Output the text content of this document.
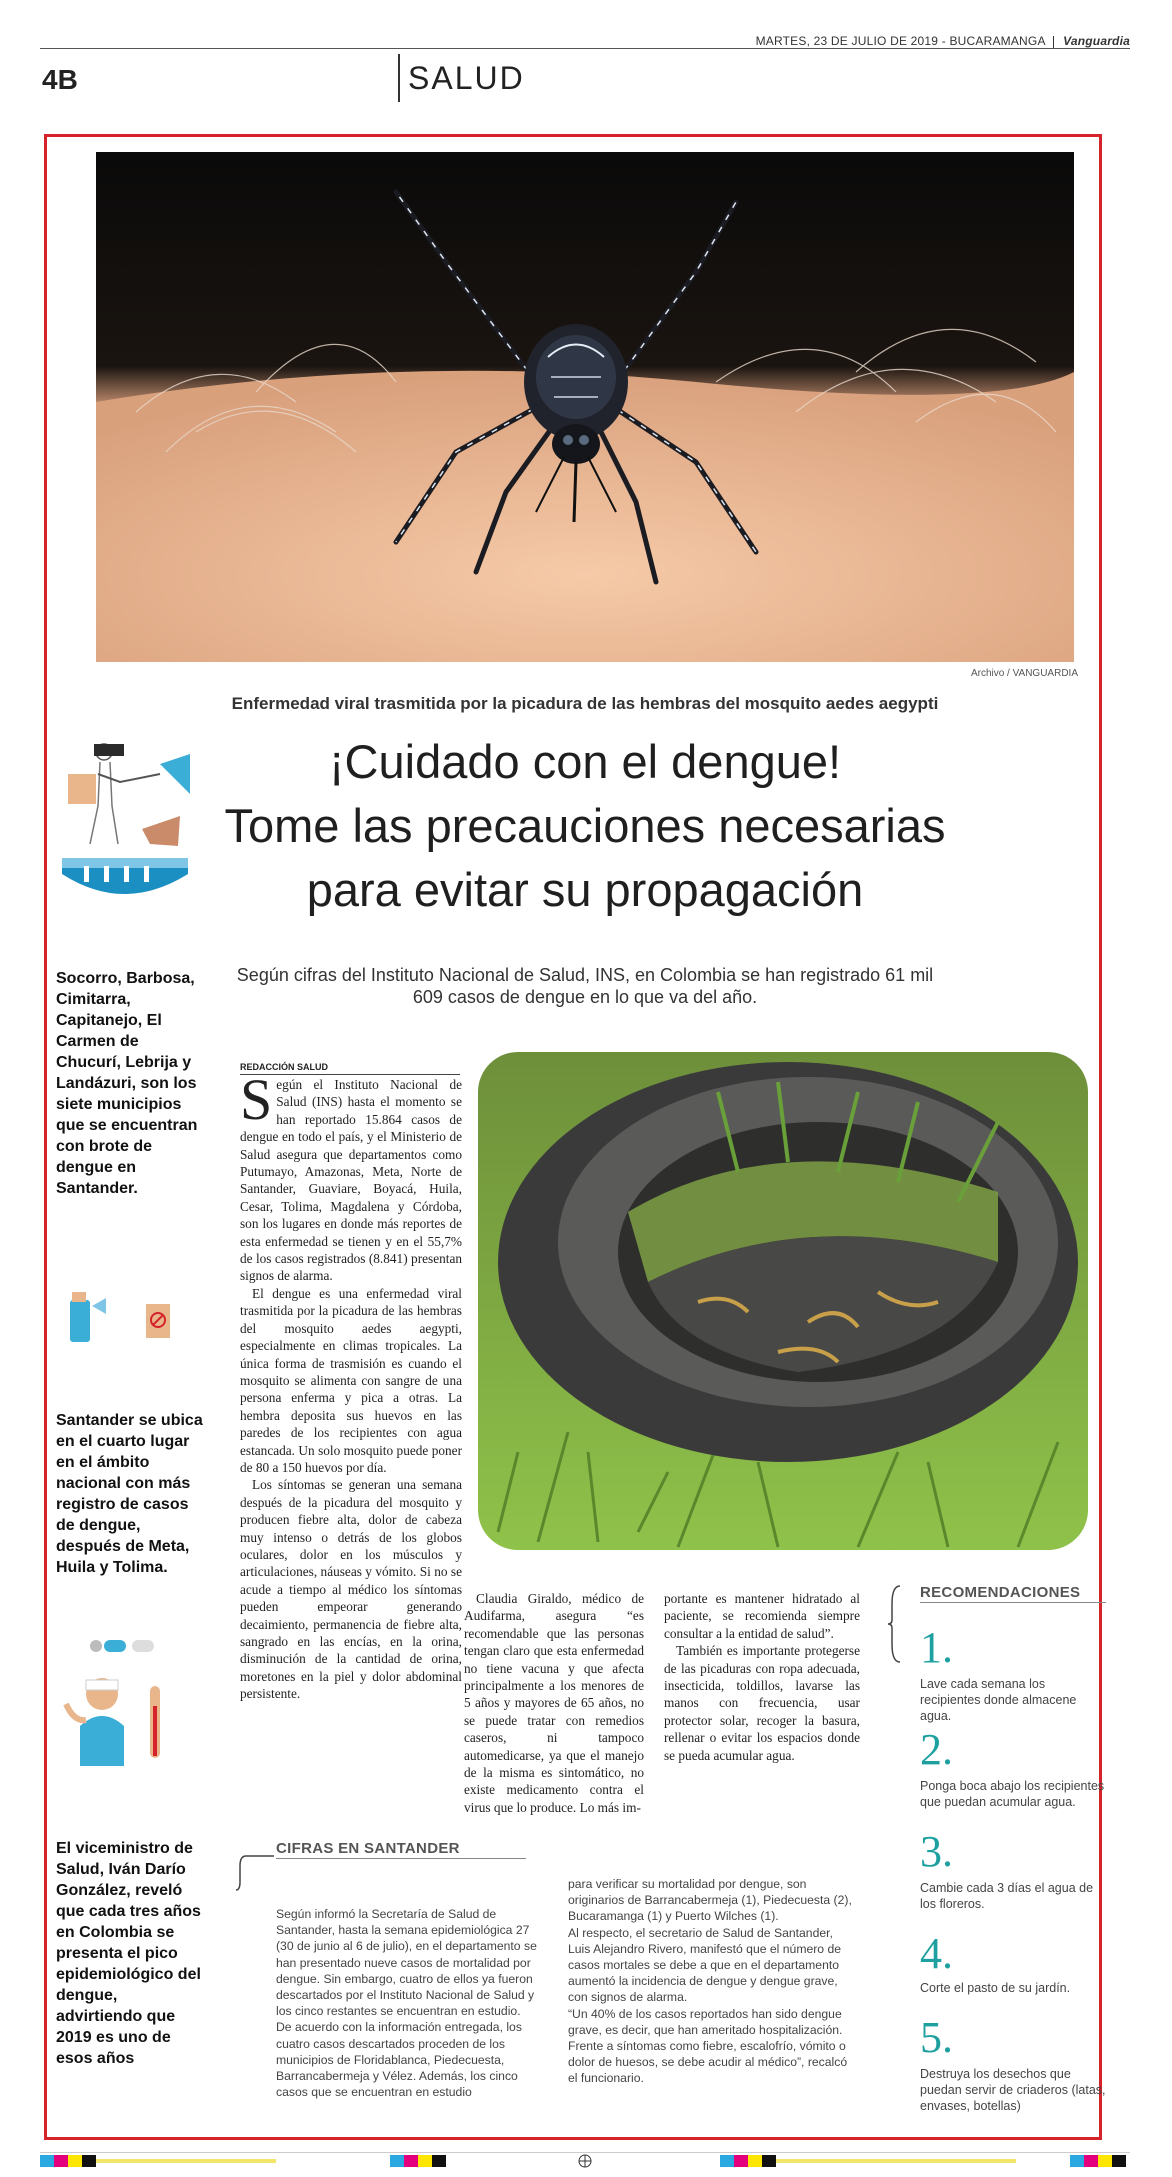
MARTES, 23 DE JULIO DE 2019 - BUCARAMANGA Vanguardia
4B	SALUD
Archivo / VANGUARDIA
Enfermedad viral trasmitida por la picadura de las hembras del mosquito aedes aegypti
¡Cuidado con el dengue!
Tome las precauciones necesarias
para evitar su propagación
Según cifras del Instituto Nacional de Salud, INS, en Colombia se han registrado 61 mil 609 casos de dengue en lo que va del año.
Socorro, Barbosa, Cimitarra, Capitanejo, El Carmen de Chucurí, Lebrija y Landázuri, son los siete municipios que se encuentran con brote de dengue en Santander.
Santander se ubica en el cuarto lugar en el ámbito nacional con más registro de casos de dengue, después de Meta, Huila y Tolima.
El viceministro de Salud, Iván Darío González, reveló que cada tres años en Colombia se presenta el pico epidemiológico del dengue, advirtiendo que 2019 es uno de esos años
REDACCIÓN SALUD

Según el Instituto Nacional de Salud (INS) hasta el momento se han reportado 15.864 casos de dengue en todo el país, y el Ministerio de Salud asegura que departamentos como Putumayo, Amazonas, Meta, Norte de Santander, Guaviare, Boyacá, Huila, Cesar, Tolima, Magdalena y Córdoba, son los lugares en donde más reportes de esta enfermedad se tienen y en el 55,7% de los casos registrados (8.841) presentan signos de alarma.

El dengue es una enfermedad viral trasmitida por la picadura de las hembras del mosquito aedes aegypti, especialmente en climas tropicales. La única forma de trasmisión es cuando el mosquito se alimenta con sangre de una persona enferma y pica a otras. La hembra deposita sus huevos en las paredes de los recipientes con agua estancada. Un solo mosquito puede poner de 80 a 150 huevos por día.

Los síntomas se generan una semana después de la picadura del mosquito y producen fiebre alta, dolor de cabeza muy intenso o detrás de los globos oculares, dolor en los músculos y articulaciones, náuseas y vómito. Si no se acude a tiempo al médico los síntomas pueden empeorar generando decaimiento, permanencia de fiebre alta, sangrado en las encías, en la orina, disminución de la cantidad de orina, moretones en la piel y dolor abdominal persistente.

Claudia Giraldo, médico de Audifarma, asegura “es recomendable que las personas tengan claro que esta enfermedad no tiene vacuna y que afecta principalmente a los menores de 5 años y mayores de 65 años, no se puede tratar con remedios caseros, ni tampoco automedicarse, ya que el manejo de la misma es sintomático, no existe medicamento contra el virus que lo produce. Lo más im-

portante es mantener hidratado al paciente, se recomienda siempre consultar a la entidad de salud”.

También es importante protegerse de las picaduras con ropa adecuada, insecticida, toldillos, lavarse las manos con frecuencia, usar protector solar, recoger la basura, rellenar o evitar los espacios donde se pueda acumular agua.

RECOMENDACIONES
1.
Lave cada semana los recipientes donde almacene agua.
2.
Ponga boca abajo los recipientes que puedan acumular agua.
3.
Cambie cada 3 días el agua de los floreros.
4.
Corte el pasto de su jardín.
5.
Destruya los desechos que puedan servir de criaderos (latas, envases, botellas)
CIFRAS EN SANTANDER

Según informó la Secretaría de Salud de Santander, hasta la semana epidemiológica 27 (30 de junio al 6 de julio), en el departamento se han presentado nueve casos de mortalidad por dengue. Sin embargo, cuatro de ellos ya fueron descartados por el Instituto Nacional de Salud y los cinco restantes se encuentran en estudio.

De acuerdo con la información entregada, los cuatro casos descartados proceden de los municipios de Floridablanca, Piedecuesta, Barrancabermeja y Vélez. Además, los cinco casos que se encuentran en estudio

para verificar su mortalidad por dengue, son originarios de Barrancabermeja (1), Piedecuesta (2), Bucaramanga (1) y Puerto Wilches (1).

Al respecto, el secretario de Salud de Santander, Luis Alejandro Rivero, manifestó que el número de casos mortales se debe a que en el departamento aumentó la incidencia de dengue y dengue grave, con signos de alarma.

“Un 40% de los casos reportados han sido dengue grave, es decir, que han ameritado hospitalización. Frente a síntomas como fiebre, escalofrío, vómito o dolor de huesos, se debe acudir al médico”, recalcó el funcionario.
